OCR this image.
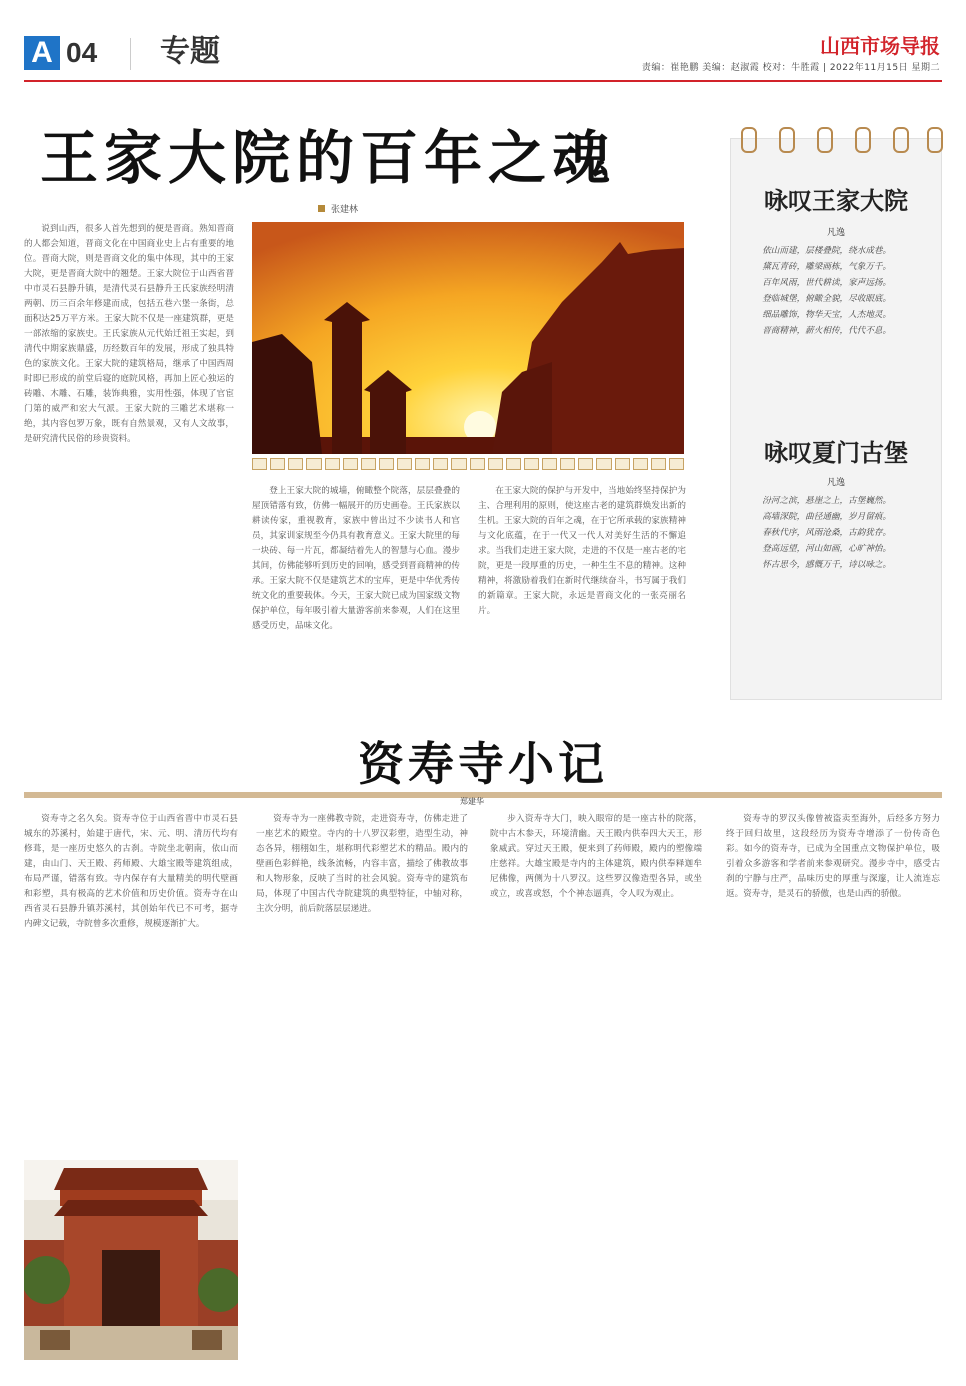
A 04 专题	山西市场导报
责编：崔艳鹏 美编：赵淑霞 校对：牛胜霞 | 2022年11月15日 星期二
王家大院的百年之魂
张建林
说到山西，很多人首先想到的便是晋商。熟知晋商的人都会知道，晋商文化在中国商业史上占有重要的地位。晋商大院，则是晋商文化的集中体现，其中的王家大院，更是晋商大院中的翘楚。王家大院位于山西省晋中市灵石县静升镇，是清代灵石县静升王氏家族经明清两朝、历三百余年修建而成，包括五巷六堡一条街，总面积达25万平方米。王家大院不仅是一座建筑群，更是一部浓缩的家族史。王氏家族从元代始迁祖王实起，到清代中期家族鼎盛，历经数百年的发展，形成了独具特色的家族文化。王家大院的建筑格局，继承了中国西周时即已形成的前堂后寝的庭院风格，再加上匠心独运的砖雕、木雕、石雕，装饰典雅，实用性强，体现了官宦门第的威严和宏大气派。王家大院的三雕艺术堪称一绝，其内容包罗万象，既有自然景观，又有人文故事，是研究清代民俗的珍贵资料。
登上王家大院的城墙，俯瞰整个院落，层层叠叠的屋顶错落有致，仿佛一幅展开的历史画卷。王氏家族以耕读传家，重视教育，家族中曾出过不少读书人和官员，其家训家规至今仍具有教育意义。王家大院里的每一块砖、每一片瓦，都凝结着先人的智慧与心血。漫步其间，仿佛能够听到历史的回响，感受到晋商精神的传承。王家大院不仅是建筑艺术的宝库，更是中华优秀传统文化的重要载体。今天，王家大院已成为国家级文物保护单位，每年吸引着大量游客前来参观，人们在这里感受历史，品味文化。
在王家大院的保护与开发中，当地始终坚持保护为主、合理利用的原则，使这座古老的建筑群焕发出新的生机。王家大院的百年之魂，在于它所承载的家族精神与文化底蕴，在于一代又一代人对美好生活的不懈追求。当我们走进王家大院，走进的不仅是一座古老的宅院，更是一段厚重的历史，一种生生不息的精神。这种精神，将激励着我们在新时代继续奋斗，书写属于我们的新篇章。王家大院，永远是晋商文化的一张亮丽名片。
咏叹王家大院
凡逸
依山而建，层楼叠院，绕水成巷。
黛瓦青砖，雕梁画栋，气象万千。
百年风雨，世代耕读，家声远扬。
登临城堡，俯瞰全貌，尽收眼底。
细品雕饰，物华天宝，人杰地灵。
晋商精神，薪火相传，代代不息。
咏叹夏门古堡
凡逸
汾河之滨，悬崖之上，古堡巍然。
高墙深院，曲径通幽，岁月留痕。
春秋代序，风雨沧桑，古韵犹存。
登高远望，河山如画，心旷神怡。
怀古思今，感慨万千，诗以咏之。
资寿寺小记
郑建华
资寿寺之名久矣。资寿寺位于山西省晋中市灵石县城东的苏溪村，始建于唐代，宋、元、明、清历代均有修葺，是一座历史悠久的古刹。寺院坐北朝南，依山而建，由山门、天王殿、药师殿、大雄宝殿等建筑组成，布局严谨，错落有致。寺内保存有大量精美的明代壁画和彩塑，具有极高的艺术价值和历史价值。资寿寺在山西省灵石县静升镇苏溪村，其创始年代已不可考，据寺内碑文记载，寺院曾多次重修，规模逐渐扩大。
资寿寺为一座佛教寺院，走进资寿寺，仿佛走进了一座艺术的殿堂。寺内的十八罗汉彩塑，造型生动，神态各异，栩栩如生，堪称明代彩塑艺术的精品。殿内的壁画色彩鲜艳，线条流畅，内容丰富，描绘了佛教故事和人物形象，反映了当时的社会风貌。资寿寺的建筑布局，体现了中国古代寺院建筑的典型特征，中轴对称，主次分明，前后院落层层递进。
步入资寿寺大门，映入眼帘的是一座古朴的院落，院中古木参天，环境清幽。天王殿内供奉四大天王，形象威武。穿过天王殿，便来到了药师殿，殿内的塑像端庄慈祥。大雄宝殿是寺内的主体建筑，殿内供奉释迦牟尼佛像，两侧为十八罗汉。这些罗汉像造型各异，或坐或立，或喜或怒，个个神态逼真，令人叹为观止。
资寿寺的罗汉头像曾被盗卖至海外，后经多方努力终于回归故里，这段经历为资寿寺增添了一份传奇色彩。如今的资寿寺，已成为全国重点文物保护单位，吸引着众多游客和学者前来参观研究。漫步寺中，感受古刹的宁静与庄严，品味历史的厚重与深邃，让人流连忘返。资寿寺，是灵石的骄傲，也是山西的骄傲。
